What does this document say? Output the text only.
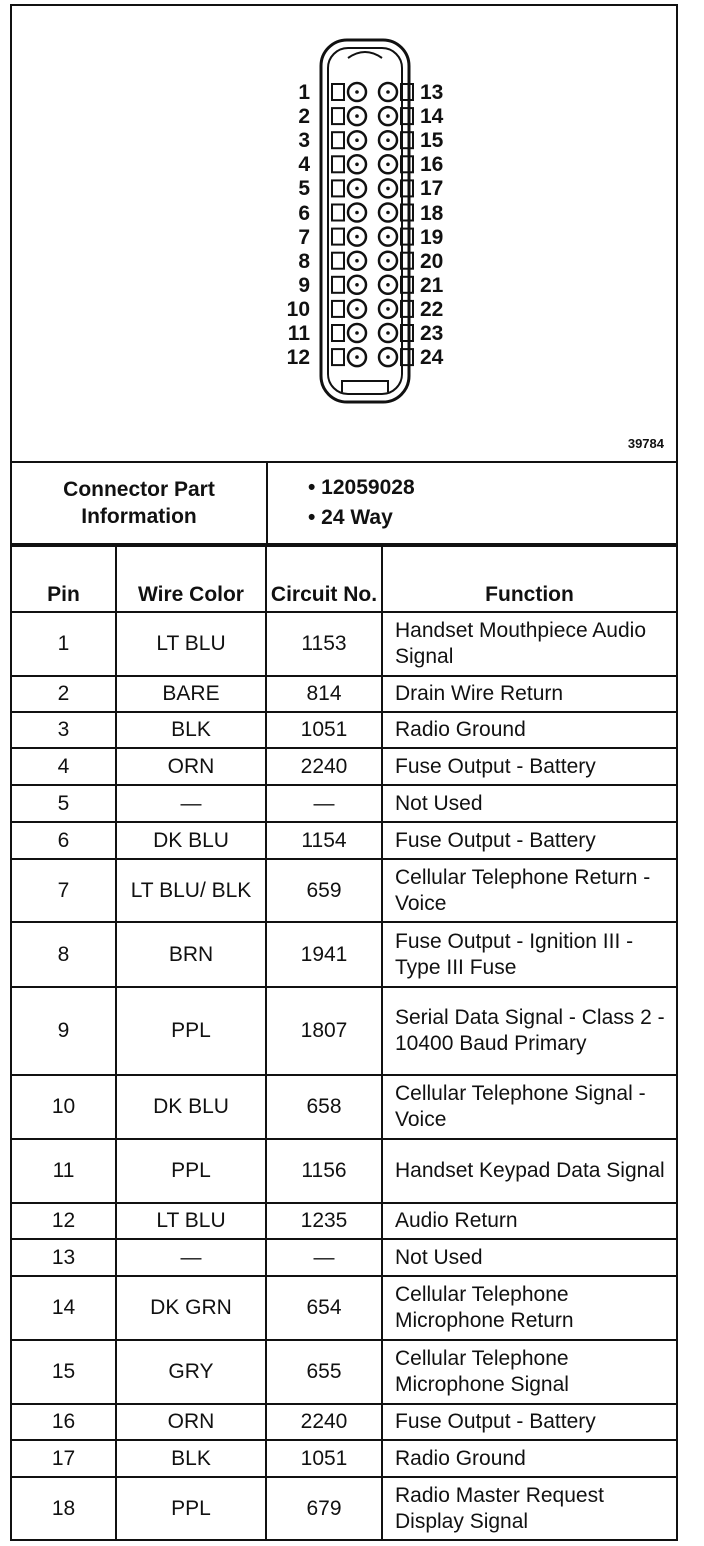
1	13
2	14
3	15
4	16
5	17
6	18
7	19
8	20
9	21
10	22
11	23
12	24
39784
Connector Part Information
• 12059028
• 24 Way
Pin	Wire Color	Circuit No.	Function
1	LT BLU	1153	Handset Mouthpiece Audio Signal
2	BARE	814	Drain Wire Return
3	BLK	1051	Radio Ground
4	ORN	2240	Fuse Output - Battery
5	—	—	Not Used
6	DK BLU	1154	Fuse Output - Battery
7	LT BLU/ BLK	659	Cellular Telephone Return - Voice
8	BRN	1941	Fuse Output - Ignition III - Type III Fuse
9	PPL	1807	Serial Data Signal - Class 2 - 10400 Baud Primary
10	DK BLU	658	Cellular Telephone Signal - Voice
11	PPL	1156	Handset Keypad Data Signal
12	LT BLU	1235	Audio Return
13	—	—	Not Used
14	DK GRN	654	Cellular Telephone Microphone Return
15	GRY	655	Cellular Telephone Microphone Signal
16	ORN	2240	Fuse Output - Battery
17	BLK	1051	Radio Ground
18	PPL	679	Radio Master Request Display Signal
